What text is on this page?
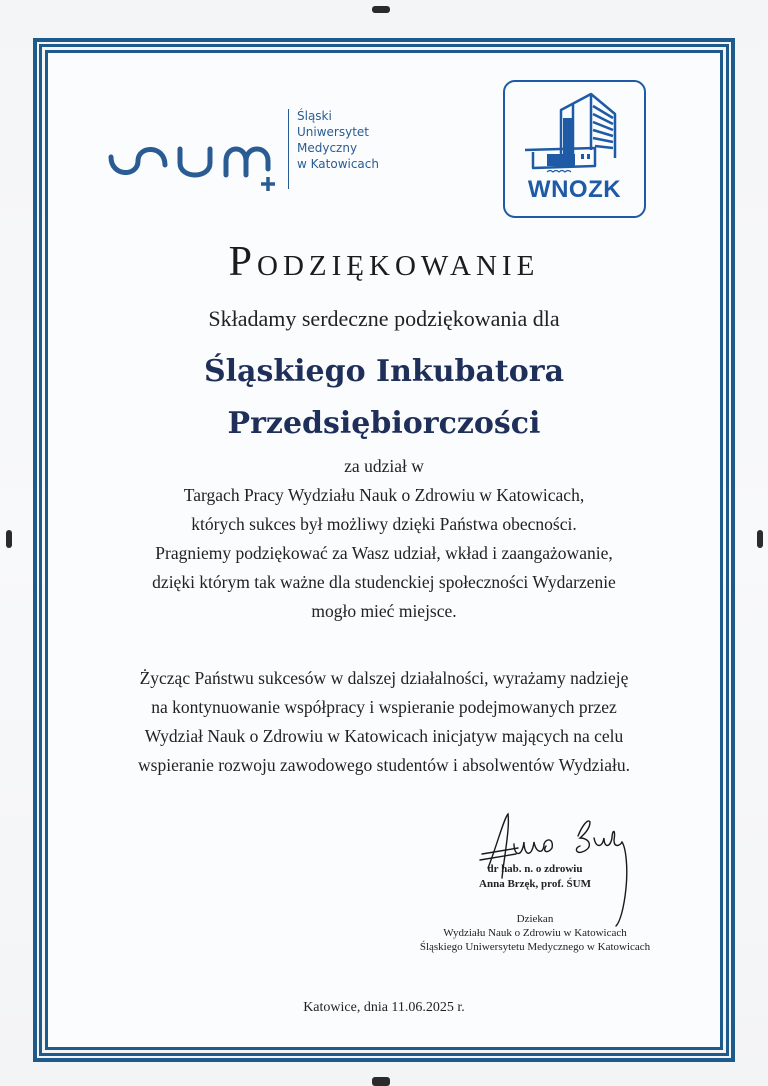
Śląski
Uniwersytet
Medyczny
w Katowicach
WNOZK
Podziękowanie
Składamy serdeczne podziękowania dla
Śląskiego Inkubatora
Przedsiębiorczości
za udział w
Targach Pracy Wydziału Nauk o Zdrowiu w Katowicach,
których sukces był możliwy dzięki Państwa obecności.
Pragniemy podziękować za Wasz udział, wkład i zaangażowanie,
dzięki którym tak ważne dla studenckiej społeczności Wydarzenie
mogło mieć miejsce.
Życząc Państwu sukcesów w dalszej działalności, wyrażamy nadzieję
na kontynuowanie współpracy i wspieranie podejmowanych przez
Wydział Nauk o Zdrowiu w Katowicach inicjatyw mających na celu
wspieranie rozwoju zawodowego studentów i absolwentów Wydziału.
dr hab. n. o zdrowiu
Anna Brzęk, prof. ŚUM
Dziekan
Wydziału Nauk o Zdrowiu w Katowicach
Śląskiego Uniwersytetu Medycznego w Katowicach
Katowice, dnia 11.06.2025 r.
